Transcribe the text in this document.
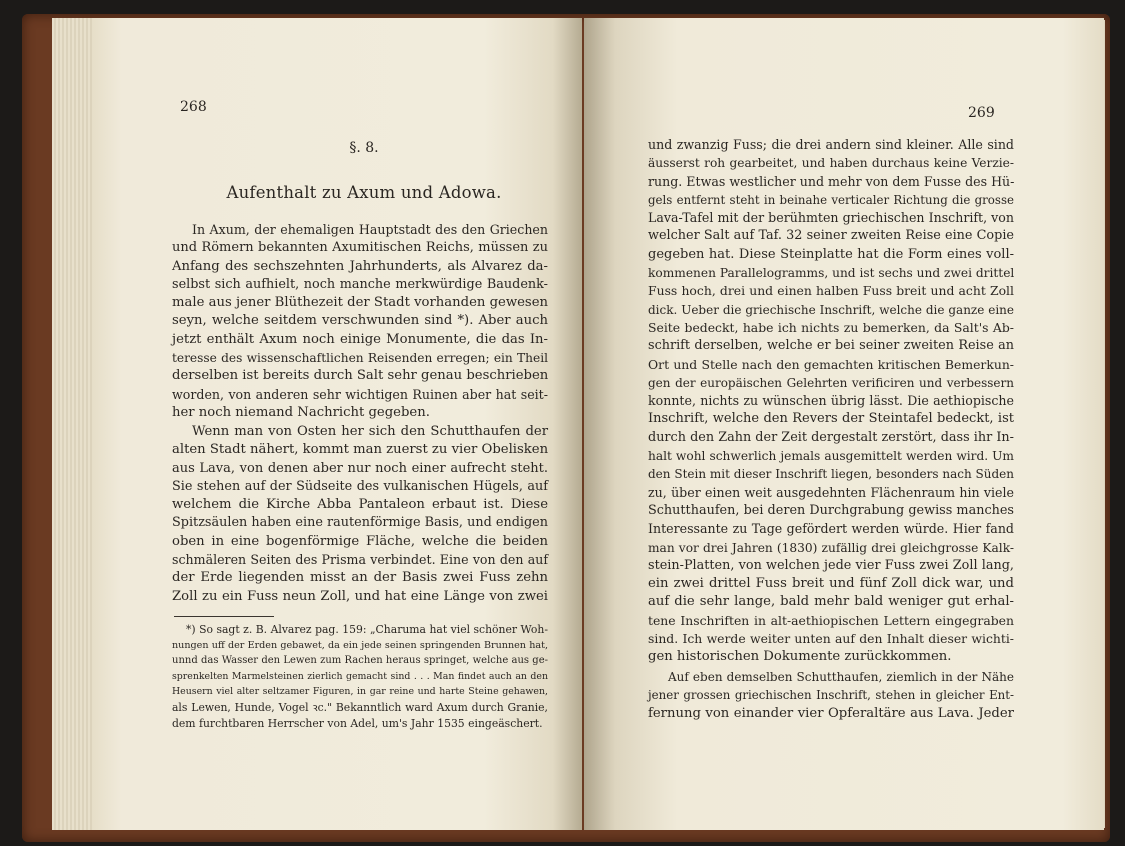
268
§. 8.
Aufenthalt zu Axum und Adowa.
In Axum, der ehemaligen Hauptstadt des den Griechen
und Römern bekannten Axumitischen Reichs, müssen zu
Anfang des sechszehnten Jahrhunderts, als Alvarez da-
selbst sich aufhielt, noch manche merkwürdige Baudenk-
male aus jener Blüthezeit der Stadt vorhanden gewesen
seyn, welche seitdem verschwunden sind *). Aber auch
jetzt enthält Axum noch einige Monumente, die das In-
teresse des wissenschaftlichen Reisenden erregen; ein Theil
derselben ist bereits durch Salt sehr genau beschrieben
worden, von anderen sehr wichtigen Ruinen aber hat seit-
her noch niemand Nachricht gegeben.
Wenn man von Osten her sich den Schutthaufen der
alten Stadt nähert, kommt man zuerst zu vier Obelisken
aus Lava, von denen aber nur noch einer aufrecht steht.
Sie stehen auf der Südseite des vulkanischen Hügels, auf
welchem die Kirche Abba Pantaleon erbaut ist. Diese
Spitzsäulen haben eine rautenförmige Basis, und endigen
oben in eine bogenförmige Fläche, welche die beiden
schmäleren Seiten des Prisma verbindet. Eine von den auf
der Erde liegenden misst an der Basis zwei Fuss zehn
Zoll zu ein Fuss neun Zoll, und hat eine Länge von zwei
*) So sagt z. B. Alvarez pag. 159: „Charuma hat viel schöner Woh-
nungen uff der Erden gebawet, da ein jede seinen springenden Brunnen hat,
unnd das Wasser den Lewen zum Rachen heraus springet, welche aus ge-
sprenkelten Marmelsteinen zierlich gemacht sind . . . Man findet auch an den
Heusern viel alter seltzamer Figuren, in gar reine und harte Steine gehawen,
als Lewen, Hunde, Vogel ꝛc." Bekanntlich ward Axum durch Granie,
dem furchtbaren Herrscher von Adel, um's Jahr 1535 eingeäschert.
269
und zwanzig Fuss; die drei andern sind kleiner. Alle sind
äusserst roh gearbeitet, und haben durchaus keine Verzie-
rung. Etwas westlicher und mehr von dem Fusse des Hü-
gels entfernt steht in beinahe verticaler Richtung die grosse
Lava-Tafel mit der berühmten griechischen Inschrift, von
welcher Salt auf Taf. 32 seiner zweiten Reise eine Copie
gegeben hat. Diese Steinplatte hat die Form eines voll-
kommenen Parallelogramms, und ist sechs und zwei drittel
Fuss hoch, drei und einen halben Fuss breit und acht Zoll
dick. Ueber die griechische Inschrift, welche die ganze eine
Seite bedeckt, habe ich nichts zu bemerken, da Salt's Ab-
schrift derselben, welche er bei seiner zweiten Reise an
Ort und Stelle nach den gemachten kritischen Bemerkun-
gen der europäischen Gelehrten verificiren und verbessern
konnte, nichts zu wünschen übrig lässt. Die aethiopische
Inschrift, welche den Revers der Steintafel bedeckt, ist
durch den Zahn der Zeit dergestalt zerstört, dass ihr In-
halt wohl schwerlich jemals ausgemittelt werden wird. Um
den Stein mit dieser Inschrift liegen, besonders nach Süden
zu, über einen weit ausgedehnten Flächenraum hin viele
Schutthaufen, bei deren Durchgrabung gewiss manches
Interessante zu Tage gefördert werden würde. Hier fand
man vor drei Jahren (1830) zufällig drei gleichgrosse Kalk-
stein-Platten, von welchen jede vier Fuss zwei Zoll lang,
ein zwei drittel Fuss breit und fünf Zoll dick war, und
auf die sehr lange, bald mehr bald weniger gut erhal-
tene Inschriften in alt-aethiopischen Lettern eingegraben
sind. Ich werde weiter unten auf den Inhalt dieser wichti-
gen historischen Dokumente zurückkommen.
Auf eben demselben Schutthaufen, ziemlich in der Nähe
jener grossen griechischen Inschrift, stehen in gleicher Ent-
fernung von einander vier Opferaltäre aus Lava. Jeder
